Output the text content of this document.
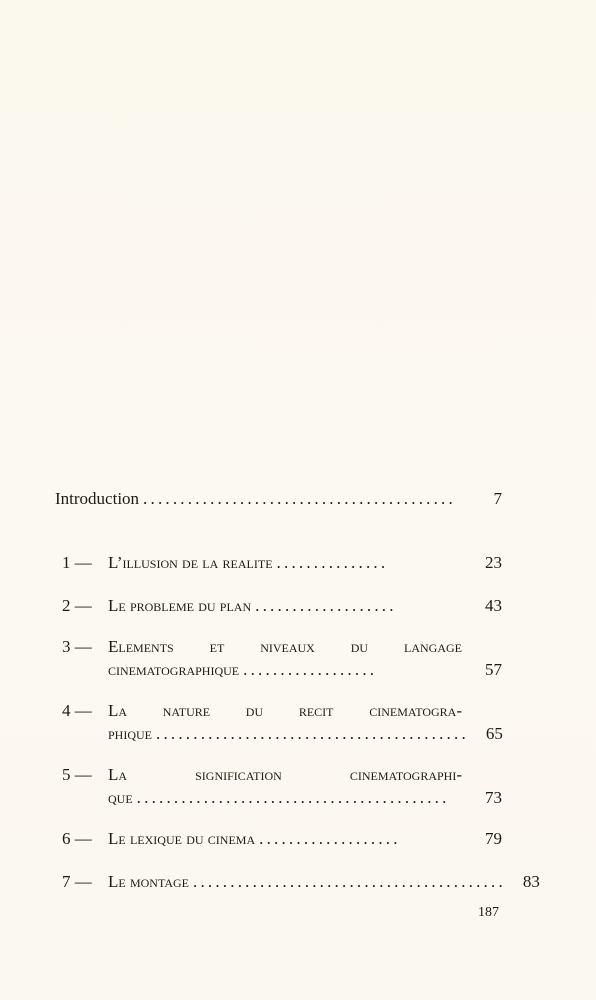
Introduction ..........................................	7
1 — L’illusion de la realite ...............	23
2 — Le probleme du plan ...................	43
3 — Elements et niveaux du langage
cinematographique ..................	57
4 — La nature du recit cinematogra-
phique ..........................................	65
5 — La signification cinematographi-
que ..........................................	73
6 — Le lexique du cinema ...................	79
7 — Le montage ..........................................	83
187
